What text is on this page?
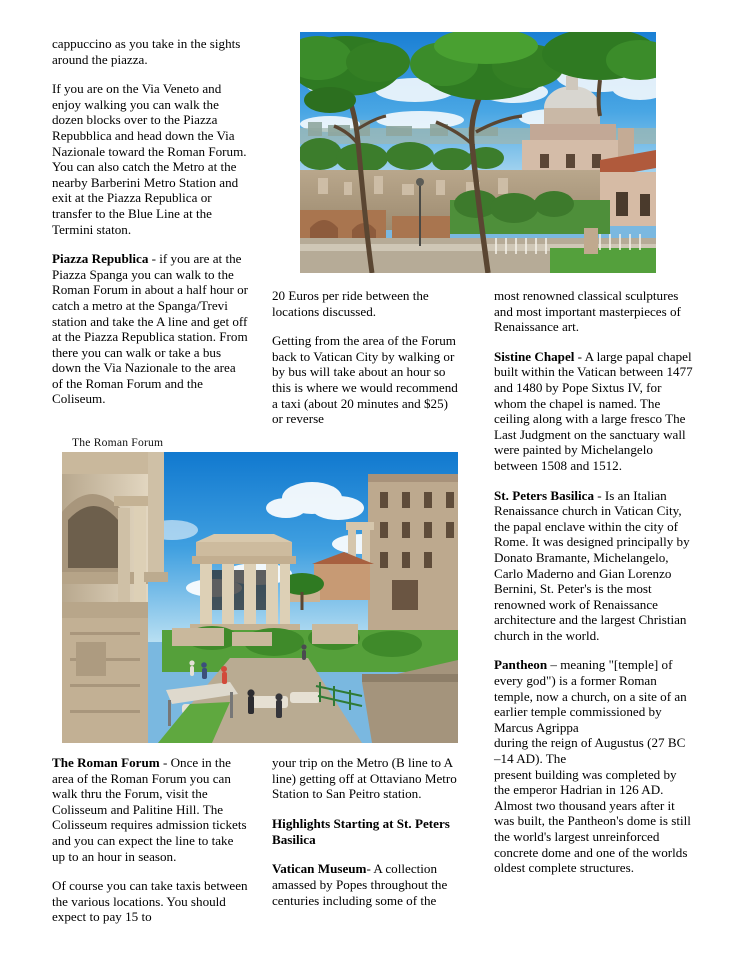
cappuccino as you take in the sights around the piazza.

If you are on the Via Veneto and enjoy walking you can walk the dozen blocks over to the Piazza Repubblica and head down the Via Nazionale toward the Roman Forum. You can also catch the Metro at the nearby Barberini Metro Station and exit at the Piazza Republica or transfer to the Blue Line at the Termini staton.

Piazza Republica - if you are at the Piazza Spanga you can walk to the Roman Forum in about a half hour or catch a metro at the Spanga/Trevi station and take the A line and get off at the Piazza Republica station. From there you can walk or take a bus down the Via Nazionale to the area of the Roman Forum and the Coliseum.

The Roman Forum

The Roman Forum - Once in the area of the Roman Forum you can walk thru the Forum, visit the Colisseum and Palitine Hill. The Colisseum requires admission tickets and you can expect the line to take up to an hour in season.

Of course you can take taxis between the various locations. You should expect to pay 15 to

20 Euros per ride between the locations discussed.

Getting from the area of the Forum back to Vatican City by walking or by bus will take about an hour so this is where we would recommend a taxi (about 20 minutes and $25) or reverse

your trip on the Metro (B line to A line) getting off at Ottaviano Metro Station to San Peitro station.

Highlights Starting at St. Peters Basilica

Vatican Museum- A collection amassed by Popes throughout the centuries including some of the

most renowned classical sculptures and most important masterpieces of Renaissance art.

Sistine Chapel - A large papal chapel built within the Vatican between 1477 and 1480 by Pope Sixtus IV, for whom the chapel is named. The ceiling along with a large fresco The Last Judgment on the sanctuary wall were painted by Michelangelo between 1508 and 1512.

St. Peters Basilica - Is an Italian Renaissance church in Vatican City, the papal enclave within the city of Rome. It was designed principally by Donato Bramante, Michelangelo, Carlo Maderno and Gian Lorenzo Bernini, St. Peter's is the most renowned work of Renaissance architecture and the largest Christian church in the world.

Pantheon – meaning "[temple] of every god") is a former Roman temple, now a church, on a site of an earlier temple commissioned by Marcus Agrippa
during the reign of Augustus (27 BC –14 AD). The
present building was completed by the emperor Hadrian in 126 AD. Almost two thousand years after it was built, the Pantheon's dome is still the world's largest unreinforced concrete dome and one of the worlds oldest complete structures.
